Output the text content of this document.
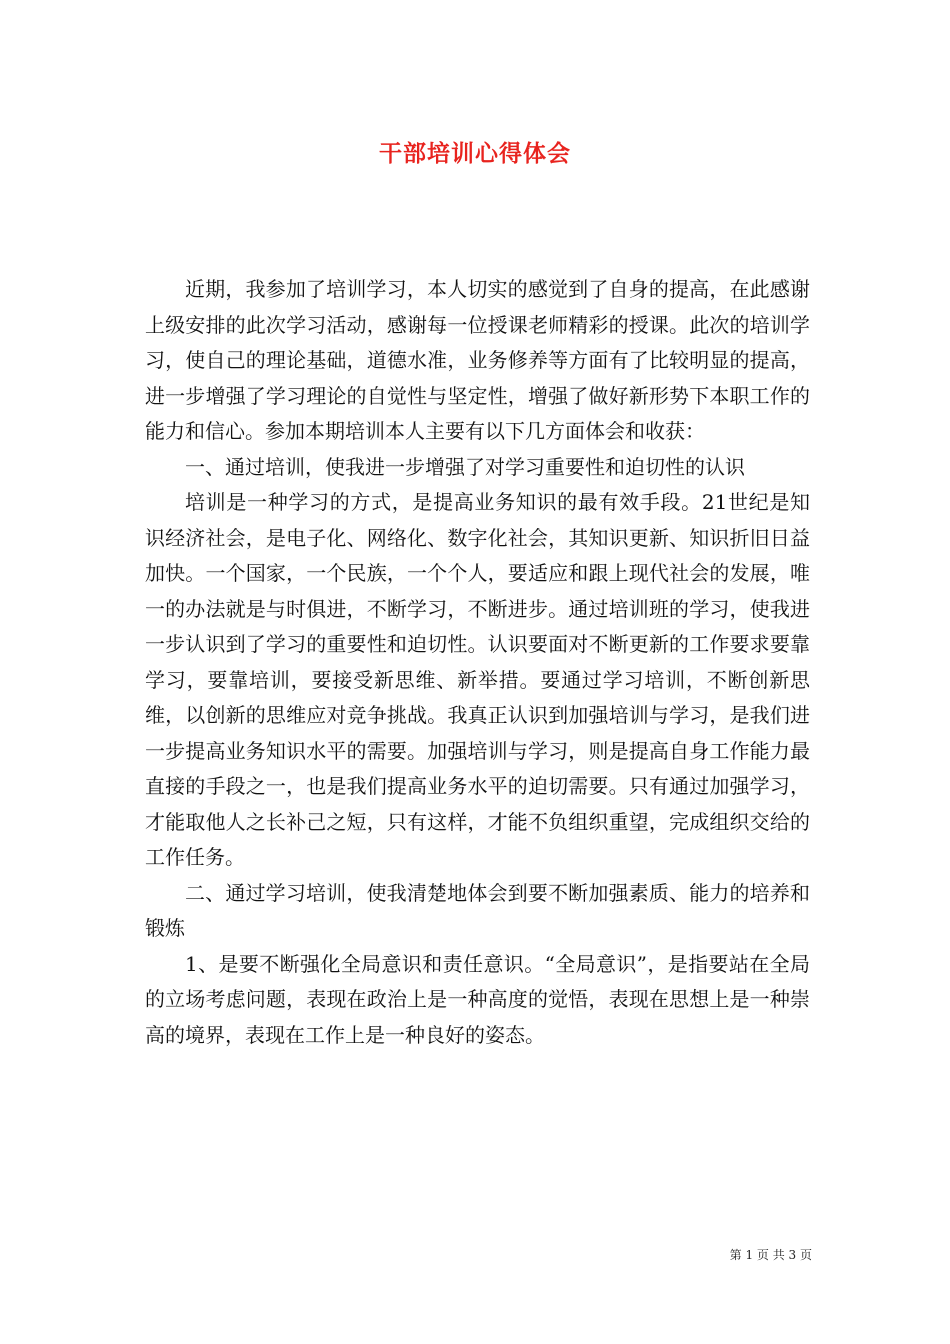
干部培训心得体会

近期，我参加了培训学习，本人切实的感觉到了自身的提高，在此感谢上级安排的此次学习活动，感谢每一位授课老师精彩的授课。此次的培训学习，使自己的理论基础，道德水准，业务修养等方面有了比较明显的提高，进一步增强了学习理论的自觉性与坚定性，增强了做好新形势下本职工作的能力和信心。参加本期培训本人主要有以下几方面体会和收获：

一、通过培训，使我进一步增强了对学习重要性和迫切性的认识

培训是一种学习的方式，是提高业务知识的最有效手段。21世纪是知识经济社会，是电子化、网络化、数字化社会，其知识更新、知识折旧日益加快。一个国家，一个民族，一个个人，要适应和跟上现代社会的发展，唯一的办法就是与时俱进，不断学习，不断进步。通过培训班的学习，使我进一步认识到了学习的重要性和迫切性。认识要面对不断更新的工作要求要靠学习，要靠培训，要接受新思维、新举措。要通过学习培训，不断创新思维，以创新的思维应对竞争挑战。我真正认识到加强培训与学习，是我们进一步提高业务知识水平的需要。加强培训与学习，则是提高自身工作能力最直接的手段之一，也是我们提高业务水平的迫切需要。只有通过加强学习，才能取他人之长补己之短，只有这样，才能不负组织重望，完成组织交给的工作任务。

二、通过学习培训，使我清楚地体会到要不断加强素质、能力的培养和锻炼

1、是要不断强化全局意识和责任意识。“全局意识”，是指要站在全局的立场考虑问题，表现在政治上是一种高度的觉悟，表现在思想上是一种崇高的境界，表现在工作上是一种良好的姿态。

第 1 页 共 3 页
